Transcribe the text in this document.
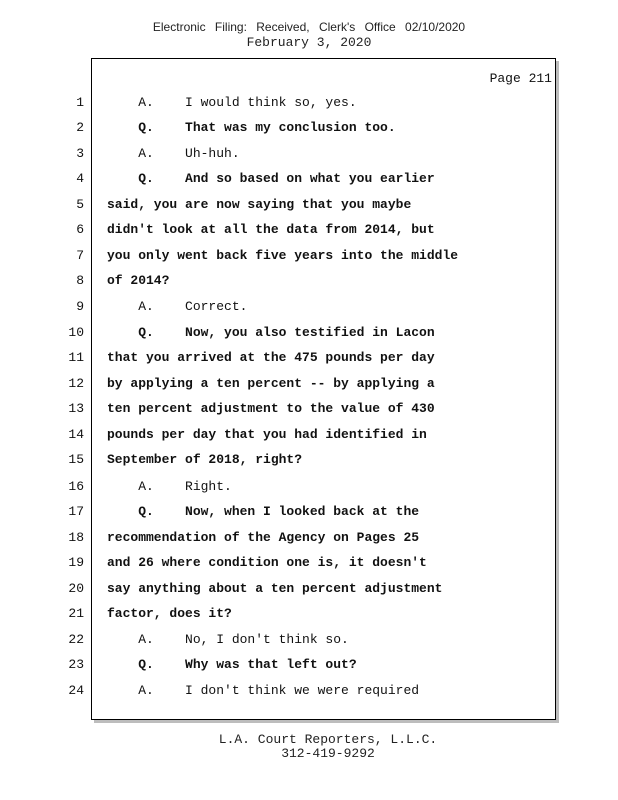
Electronic Filing: Received, Clerk's Office 02/10/2020
February 3, 2020
Page 211
1 A.    I would think so, yes.
2 Q.    That was my conclusion too.
3 A.    Uh-huh.
4 Q.    And so based on what you earlier
5 said, you are now saying that you maybe
6 didn't look at all the data from 2014, but
7 you only went back five years into the middle
8 of 2014?
9 A.    Correct.
10 Q.    Now, you also testified in Lacon
11 that you arrived at the 475 pounds per day
12 by applying a ten percent -- by applying a
13 ten percent adjustment to the value of 430
14 pounds per day that you had identified in
15 September of 2018, right?
16 A.    Right.
17 Q.    Now, when I looked back at the
18 recommendation of the Agency on Pages 25
19 and 26 where condition one is, it doesn't
20 say anything about a ten percent adjustment
21 factor, does it?
22 A.    No, I don't think so.
23 Q.    Why was that left out?
24 A.    I don't think we were required
L.A. Court Reporters, L.L.C.
312-419-9292
